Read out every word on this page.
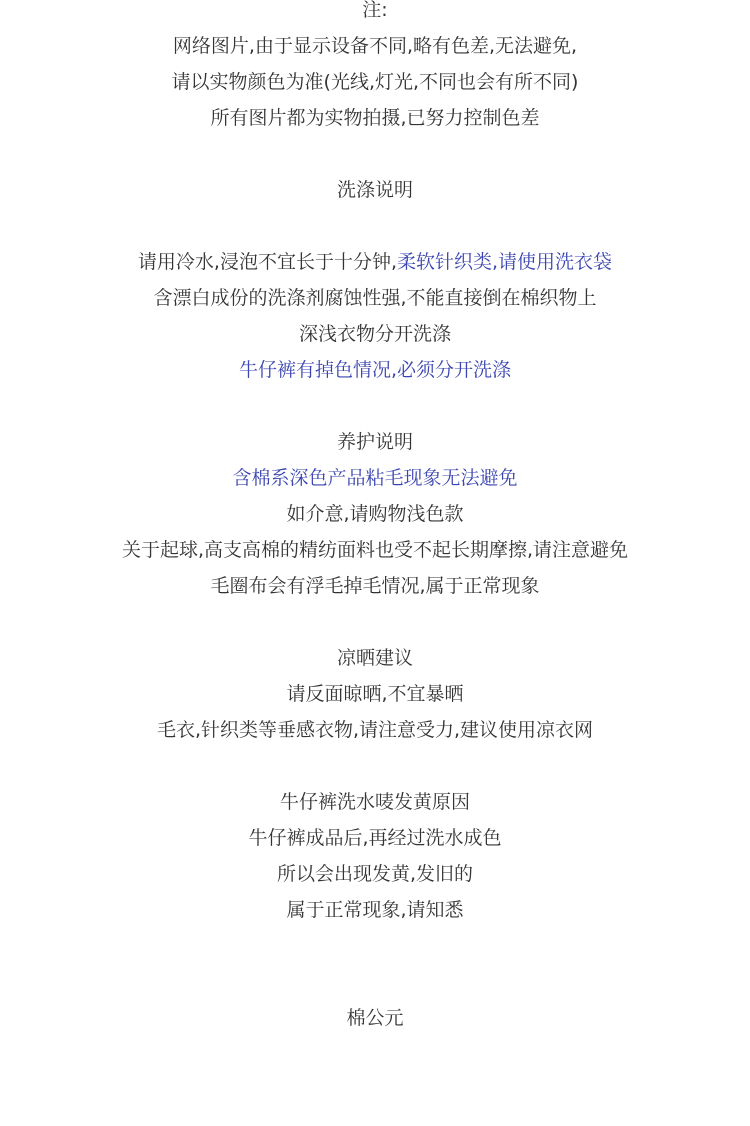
注:
网络图片,由于显示设备不同,略有色差,无法避免,
请以实物颜色为准(光线,灯光,不同也会有所不同)
所有图片都为实物拍摄,已努力控制色差
洗涤说明
请用冷水,浸泡不宜长于十分钟,柔软针织类,请使用洗衣袋
含漂白成份的洗涤剂腐蚀性强,不能直接倒在棉织物上
深浅衣物分开洗涤
牛仔裤有掉色情况,必须分开洗涤
养护说明
含棉系深色产品粘毛现象无法避免
如介意,请购物浅色款
关于起球,高支高棉的精纺面料也受不起长期摩擦,请注意避免
毛圈布会有浮毛掉毛情况,属于正常现象
凉晒建议
请反面晾晒,不宜暴晒
毛衣,针织类等垂感衣物,请注意受力,建议使用凉衣网
牛仔裤洗水唛发黄原因
牛仔裤成品后,再经过洗水成色
所以会出现发黄,发旧的
属于正常现象,请知悉
棉公元
